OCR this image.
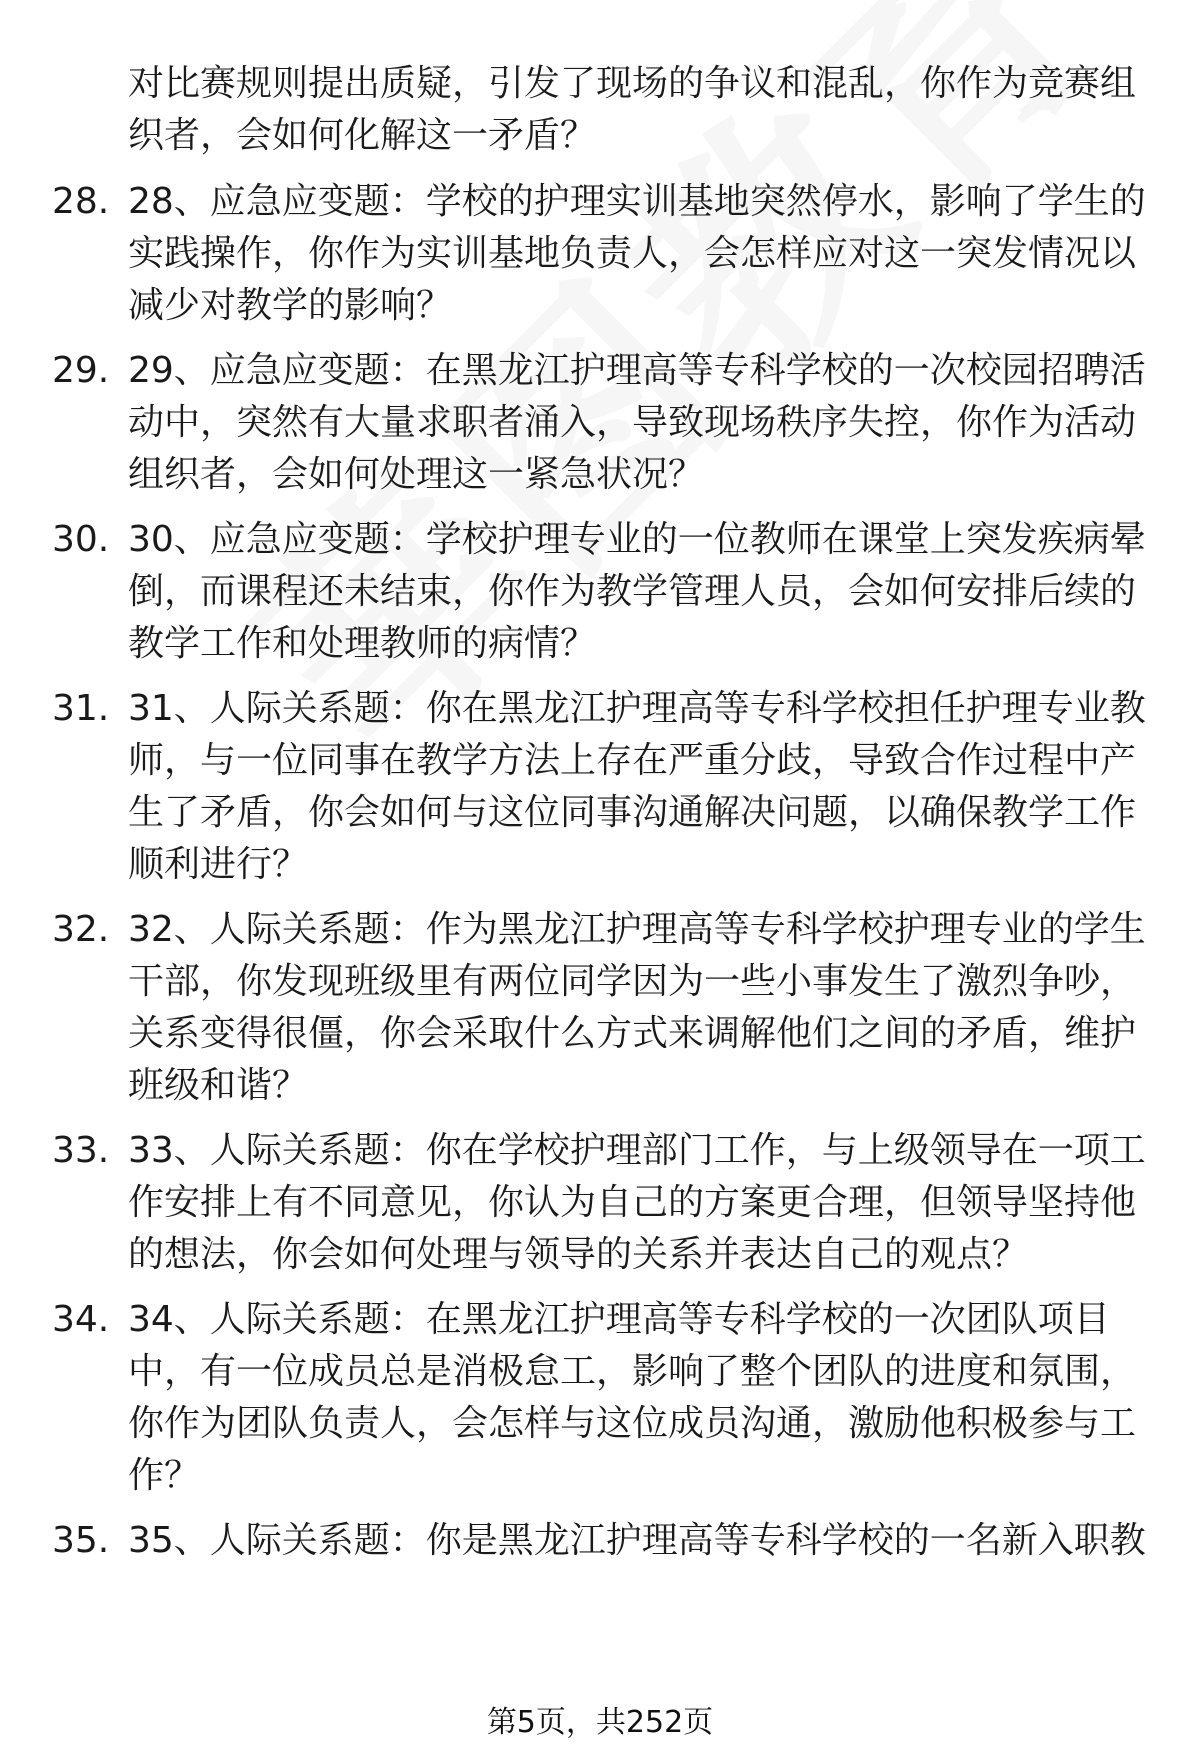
对比赛规则提出质疑，引发了现场的争议和混乱，你作为竞赛组织者，会如何化解这一矛盾？
28. 28、应急应变题：学校的护理实训基地突然停水，影响了学生的实践操作，你作为实训基地负责人，会怎样应对这一突发情况以减少对教学的影响？
29. 29、应急应变题：在黑龙江护理高等专科学校的一次校园招聘活动中，突然有大量求职者涌入，导致现场秩序失控，你作为活动组织者，会如何处理这一紧急状况？
30. 30、应急应变题：学校护理专业的一位教师在课堂上突发疾病晕倒，而课程还未结束，你作为教学管理人员，会如何安排后续的教学工作和处理教师的病情？
31. 31、人际关系题：你在黑龙江护理高等专科学校担任护理专业教师，与一位同事在教学方法上存在严重分歧，导致合作过程中产生了矛盾，你会如何与这位同事沟通解决问题，以确保教学工作顺利进行？
32. 32、人际关系题：作为黑龙江护理高等专科学校护理专业的学生干部，你发现班级里有两位同学因为一些小事发生了激烈争吵，关系变得很僵，你会采取什么方式来调解他们之间的矛盾，维护班级和谐？
33. 33、人际关系题：你在学校护理部门工作，与上级领导在一项工作安排上有不同意见，你认为自己的方案更合理，但领导坚持他的想法，你会如何处理与领导的关系并表达自己的观点？
34. 34、人际关系题：在黑龙江护理高等专科学校的一次团队项目中，有一位成员总是消极怠工，影响了整个团队的进度和氛围，你作为团队负责人，会怎样与这位成员沟通，激励他积极参与工作？
35. 35、人际关系题：你是黑龙江护理高等专科学校的一名新入职教
第5页，共252页
